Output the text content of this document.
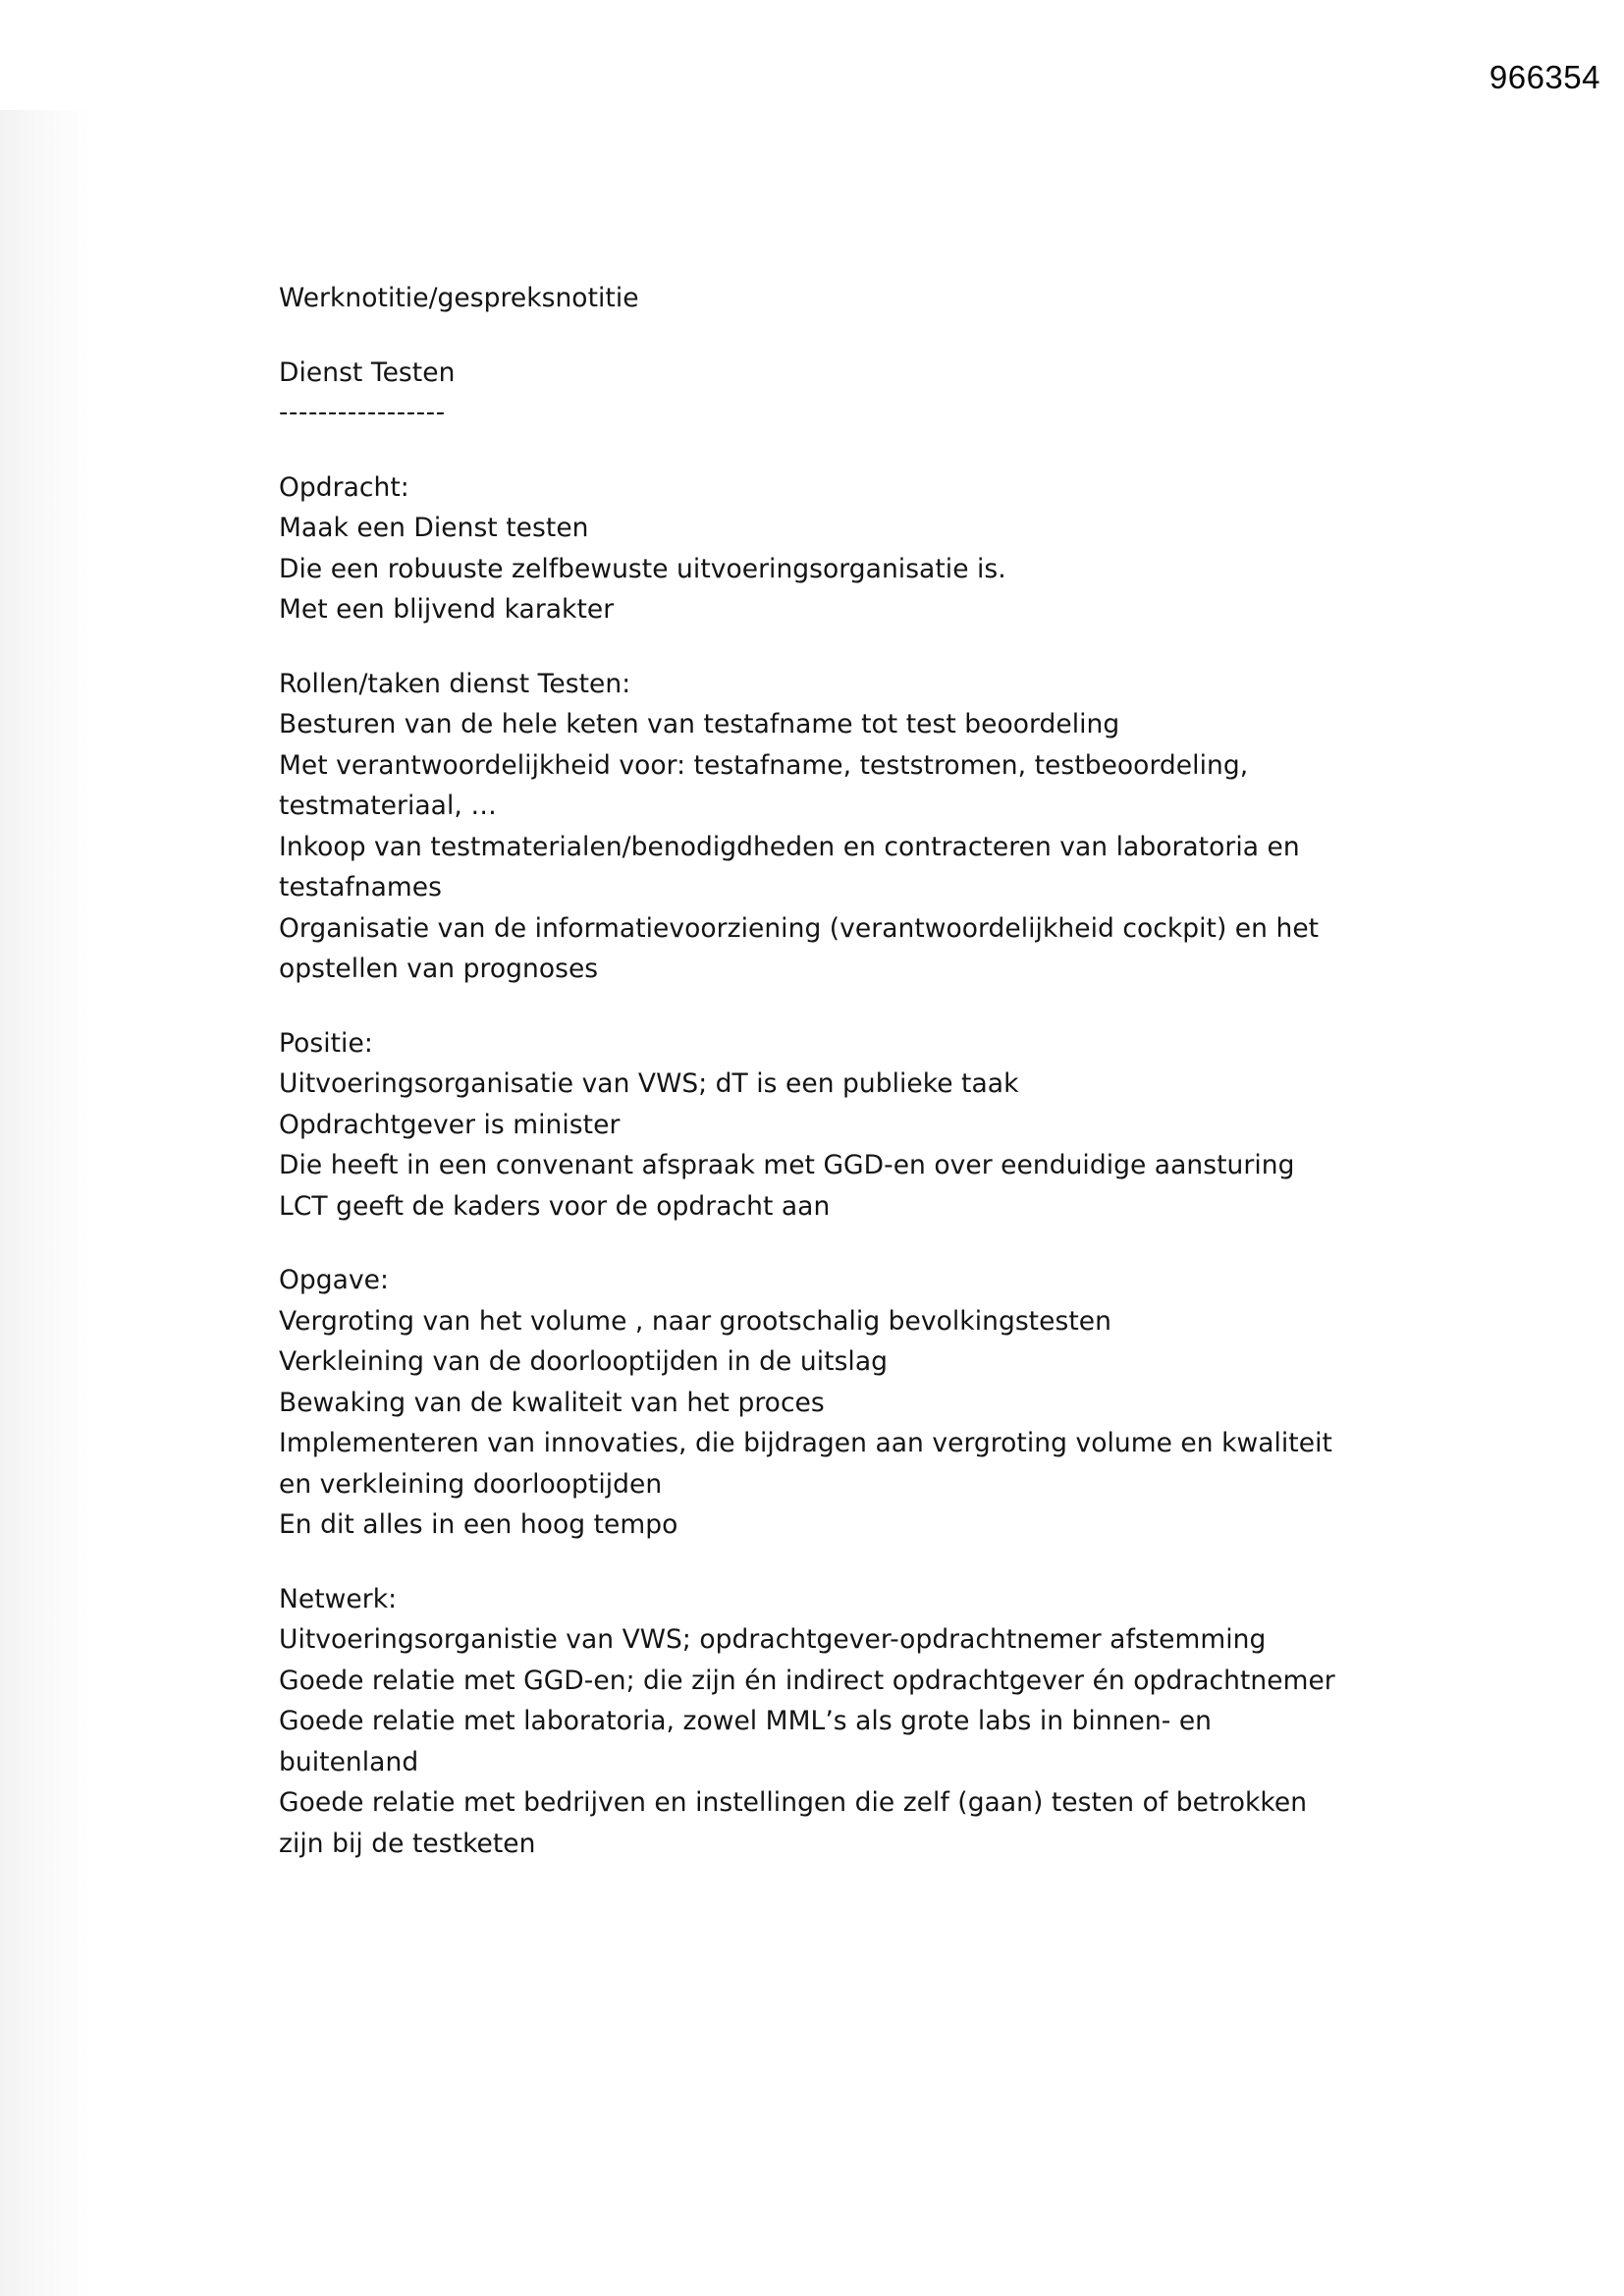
966354
Werknotitie/gespreksnotitie
Dienst Testen
-----------------
Opdracht:
Maak een Dienst testen
Die een robuuste zelfbewuste uitvoeringsorganisatie is.
Met een blijvend karakter
Rollen/taken dienst Testen:
Besturen van de hele keten van testafname tot test beoordeling
Met verantwoordelijkheid voor: testafname, teststromen, testbeoordeling, testmateriaal, …
Inkoop van testmaterialen/benodigdheden en contracteren van laboratoria en testafnames
Organisatie van de informatievoorziening (verantwoordelijkheid cockpit) en het opstellen van prognoses
Positie:
Uitvoeringsorganisatie van VWS; dT is een publieke taak
Opdrachtgever is minister
Die heeft in een convenant afspraak met GGD-en over eenduidige aansturing
LCT geeft de kaders voor de opdracht aan
Opgave:
Vergroting van het volume , naar grootschalig bevolkingstesten
Verkleining van de doorlooptijden in de uitslag
Bewaking van de kwaliteit van het proces
Implementeren van innovaties, die bijdragen aan vergroting volume en kwaliteit en verkleining doorlooptijden
En dit alles in een hoog tempo
Netwerk:
Uitvoeringsorganistie van VWS; opdrachtgever-opdrachtnemer afstemming
Goede relatie met GGD-en; die zijn én indirect opdrachtgever én opdrachtnemer
Goede relatie met laboratoria, zowel MML’s als grote labs in binnen- en buitenland
Goede relatie met bedrijven en instellingen die zelf (gaan) testen of betrokken zijn bij de testketen
